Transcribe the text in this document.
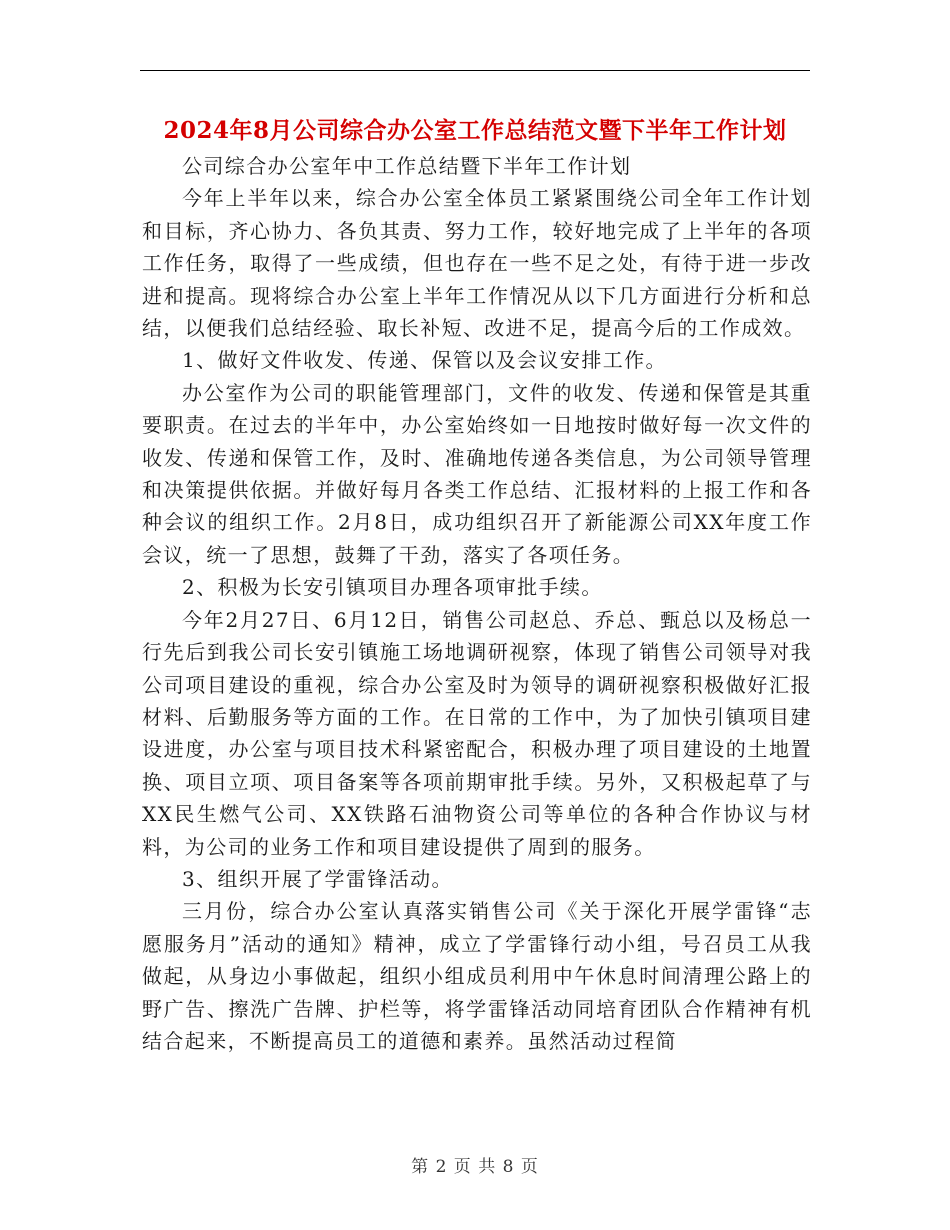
2024年8月公司综合办公室工作总结范文暨下半年工作计划

公司综合办公室年中工作总结暨下半年工作计划

今年上半年以来，综合办公室全体员工紧紧围绕公司全年工作计划和目标，齐心协力、各负其责、努力工作，较好地完成了上半年的各项工作任务，取得了一些成绩，但也存在一些不足之处，有待于进一步改进和提高。现将综合办公室上半年工作情况从以下几方面进行分析和总结，以便我们总结经验、取长补短、改进不足，提高今后的工作成效。

1、做好文件收发、传递、保管以及会议安排工作。

办公室作为公司的职能管理部门，文件的收发、传递和保管是其重要职责。在过去的半年中，办公室始终如一日地按时做好每一次文件的收发、传递和保管工作，及时、准确地传递各类信息，为公司领导管理和决策提供依据。并做好每月各类工作总结、汇报材料的上报工作和各种会议的组织工作。2月8日，成功组织召开了新能源公司XX年度工作会议，统一了思想，鼓舞了干劲，落实了各项任务。

2、积极为长安引镇项目办理各项审批手续。

今年2月27日、6月12日，销售公司赵总、乔总、甄总以及杨总一行先后到我公司长安引镇施工场地调研视察，体现了销售公司领导对我公司项目建设的重视，综合办公室及时为领导的调研视察积极做好汇报材料、后勤服务等方面的工作。在日常的工作中，为了加快引镇项目建设进度，办公室与项目技术科紧密配合，积极办理了项目建设的土地置换、项目立项、项目备案等各项前期审批手续。另外，又积极起草了与XX民生燃气公司、XX铁路石油物资公司等单位的各种合作协议与材料，为公司的业务工作和项目建设提供了周到的服务。

3、组织开展了学雷锋活动。

三月份，综合办公室认真落实销售公司《关于深化开展学雷锋“志愿服务月”活动的通知》精神，成立了学雷锋行动小组，号召员工从我做起，从身边小事做起，组织小组成员利用中午休息时间清理公路上的野广告、擦洗广告牌、护栏等，将学雷锋活动同培育团队合作精神有机结合起来，不断提高员工的道德和素养。虽然活动过程简

第 2 页 共 8 页
